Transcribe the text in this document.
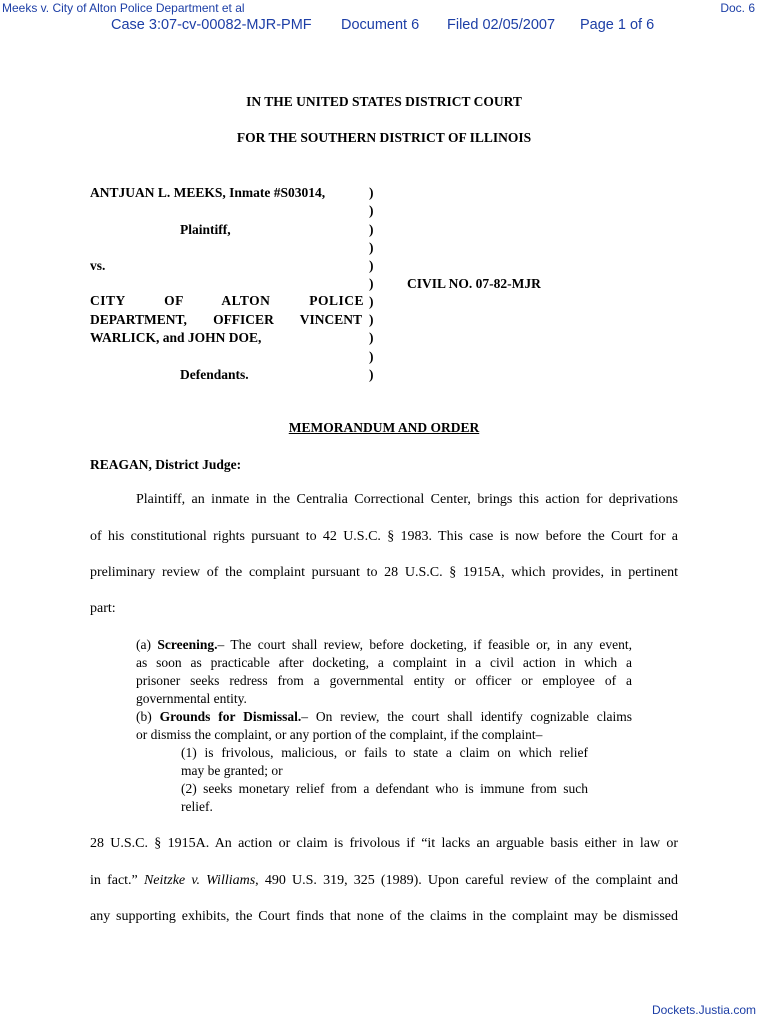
Meeks v. City of Alton Police Department et al	Doc. 6
Case 3:07-cv-00082-MJR-PMF Document 6 Filed 02/05/2007 Page 1 of 6
IN THE UNITED STATES DISTRICT COURT
FOR THE SOUTHERN DISTRICT OF ILLINOIS
ANTJUAN L. MEEKS, Inmate #S03014,
Plaintiff,
vs.
CITY OF ALTON POLICE
DEPARTMENT, OFFICER VINCENT
WARLICK, and JOHN DOE,
Defendants.
CIVIL NO. 07-82-MJR
)
)
)
)
)
)
)
)
)
)
)
MEMORANDUM AND ORDER
REAGAN, District Judge:
Plaintiff, an inmate in the Centralia Correctional Center, brings this action for deprivations
of his constitutional rights pursuant to 42 U.S.C. § 1983. This case is now before the Court for a
preliminary review of the complaint pursuant to 28 U.S.C. § 1915A, which provides, in pertinent
part:
(a) Screening.– The court shall review, before docketing, if feasible or, in any event,
as soon as practicable after docketing, a complaint in a civil action in which a
prisoner seeks redress from a governmental entity or officer or employee of a
governmental entity.
(b) Grounds for Dismissal.– On review, the court shall identify cognizable claims
or dismiss the complaint, or any portion of the complaint, if the complaint–
(1) is frivolous, malicious, or fails to state a claim on which relief
may be granted; or
(2) seeks monetary relief from a defendant who is immune from such
relief.
28 U.S.C. § 1915A. An action or claim is frivolous if “it lacks an arguable basis either in law or
in fact.” Neitzke v. Williams, 490 U.S. 319, 325 (1989). Upon careful review of the complaint and
any supporting exhibits, the Court finds that none of the claims in the complaint may be dismissed
Dockets.Justia.com
